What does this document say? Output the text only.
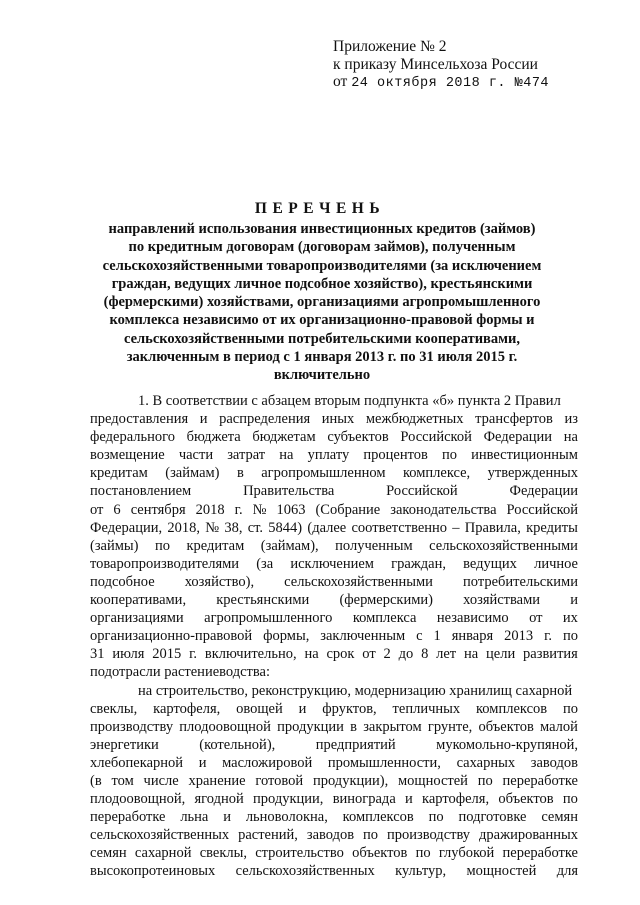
Приложение № 2
к приказу Минсельхоза России
от 24 октября 2018 г. №474
ПЕРЕЧЕНЬ
направлений использования инвестиционных кредитов (займов)
по кредитным договорам (договорам займов), полученным
сельскохозяйственными товаропроизводителями (за исключением
граждан, ведущих личное подсобное хозяйство), крестьянскими
(фермерскими) хозяйствами, организациями агропромышленного
комплекса независимо от их организационно-правовой формы и
сельскохозяйственными потребительскими кооперативами,
заключенным в период с 1 января 2013 г. по 31 июля 2015 г.
включительно
1. В соответствии с абзацем вторым подпункта «б» пункта 2 Правил
предоставления и распределения иных межбюджетных трансфертов из
федерального бюджета бюджетам субъектов Российской Федерации на
возмещение части затрат на уплату процентов по инвестиционным
кредитам (займам) в агропромышленном комплексе, утвержденных
постановлением	Правительства	Российской	Федерации
от 6 сентября 2018 г. № 1063 (Собрание законодательства Российской
Федерации, 2018, № 38, ст. 5844) (далее соответственно – Правила, кредиты
(займы) по кредитам (займам), полученным сельскохозяйственными
товаропроизводителями (за исключением граждан, ведущих личное
подсобное хозяйство), сельскохозяйственными потребительскими
кооперативами, крестьянскими (фермерскими) хозяйствами и
организациями агропромышленного комплекса независимо от их
организационно-правовой формы, заключенным с 1 января 2013 г. по
31 июля 2015 г. включительно, на срок от 2 до 8 лет на цели развития
подотрасли растениеводства:
на строительство, реконструкцию, модернизацию хранилищ сахарной
свеклы, картофеля, овощей и фруктов, тепличных комплексов по
производству плодоовощной продукции в закрытом грунте, объектов малой
энергетики	(котельной),	предприятий	мукомольно-крупяной,
хлебопекарной и масложировой промышленности, сахарных заводов
(в том числе хранение готовой продукции), мощностей по переработке
плодоовощной, ягодной продукции, винограда и картофеля, объектов по
переработке льна и льноволокна, комплексов по подготовке семян
сельскохозяйственных растений, заводов по производству дражированных
семян сахарной свеклы, строительство объектов по глубокой переработке
высокопротеиновых сельскохозяйственных культур, мощностей для
